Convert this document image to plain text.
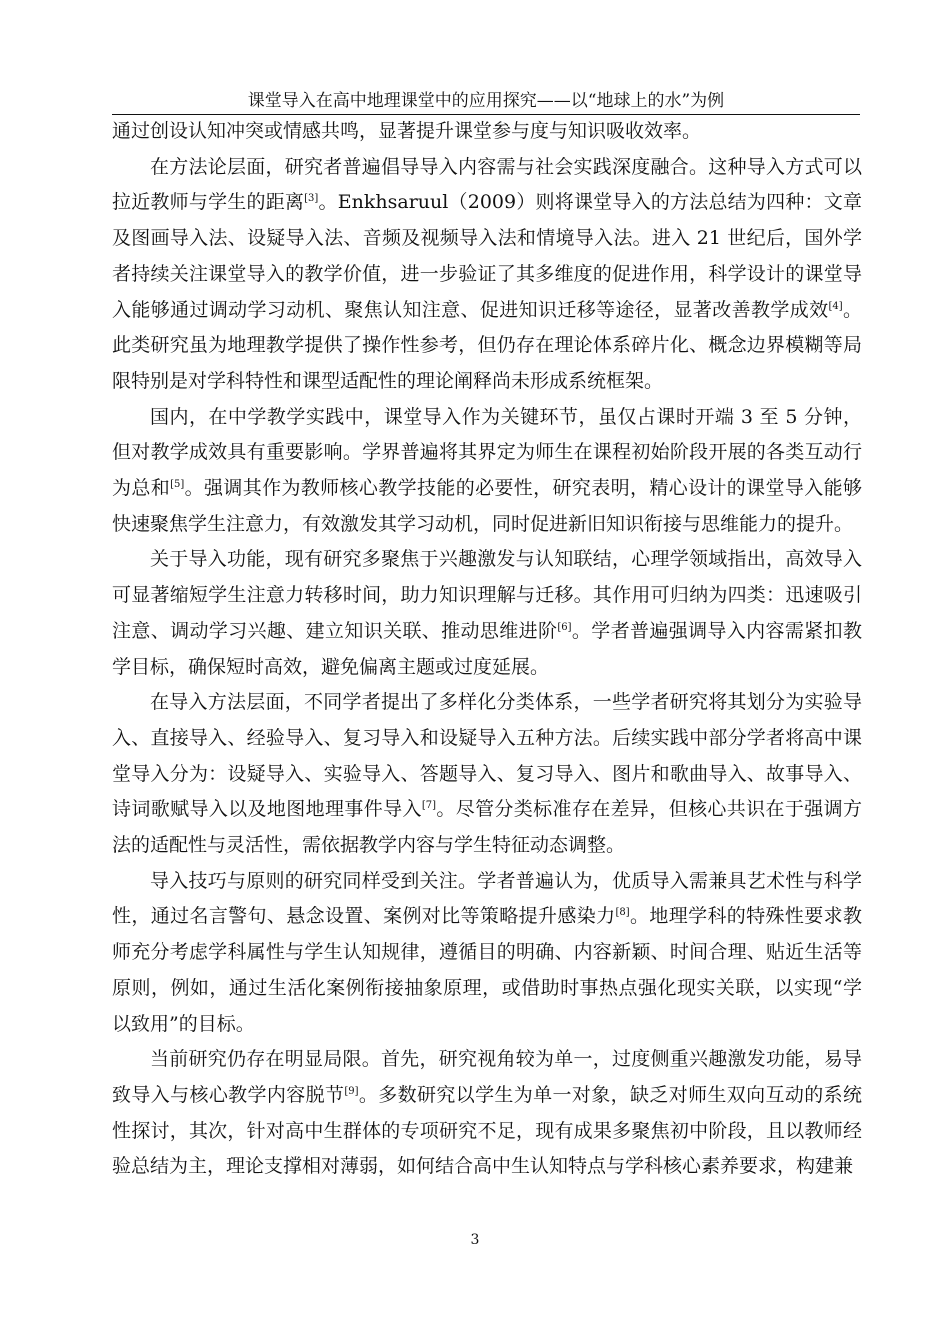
课堂导入在高中地理课堂中的应用探究——以“地球上的水”为例

通过创设认知冲突或情感共鸣，显著提升课堂参与度与知识吸收效率。

在方法论层面，研究者普遍倡导导入内容需与社会实践深度融合。这种导入方式可以拉近教师与学生的距离[3]。Enkhsaruul（2009）则将课堂导入的方法总结为四种：文章及图画导入法、设疑导入法、音频及视频导入法和情境导入法。进入 21 世纪后，国外学者持续关注课堂导入的教学价值，进一步验证了其多维度的促进作用，科学设计的课堂导入能够通过调动学习动机、聚焦认知注意、促进知识迁移等途径，显著改善教学成效[4]。此类研究虽为地理教学提供了操作性参考，但仍存在理论体系碎片化、概念边界模糊等局限特别是对学科特性和课型适配性的理论阐释尚未形成系统框架。

国内，在中学教学实践中，课堂导入作为关键环节，虽仅占课时开端 3 至 5 分钟，但对教学成效具有重要影响。学界普遍将其界定为师生在课程初始阶段开展的各类互动行为总和[5]。强调其作为教师核心教学技能的必要性，研究表明，精心设计的课堂导入能够快速聚焦学生注意力，有效激发其学习动机，同时促进新旧知识衔接与思维能力的提升。

关于导入功能，现有研究多聚焦于兴趣激发与认知联结，心理学领域指出，高效导入可显著缩短学生注意力转移时间，助力知识理解与迁移。其作用可归纳为四类：迅速吸引注意、调动学习兴趣、建立知识关联、推动思维进阶[6]。学者普遍强调导入内容需紧扣教学目标，确保短时高效，避免偏离主题或过度延展。

在导入方法层面，不同学者提出了多样化分类体系，一些学者研究将其划分为实验导入、直接导入、经验导入、复习导入和设疑导入五种方法。后续实践中部分学者将高中课堂导入分为：设疑导入、实验导入、答题导入、复习导入、图片和歌曲导入、故事导入、诗词歌赋导入以及地图地理事件导入[7]。尽管分类标准存在差异，但核心共识在于强调方法的适配性与灵活性，需依据教学内容与学生特征动态调整。

导入技巧与原则的研究同样受到关注。学者普遍认为，优质导入需兼具艺术性与科学性，通过名言警句、悬念设置、案例对比等策略提升感染力[8]。地理学科的特殊性要求教师充分考虑学科属性与学生认知规律，遵循目的明确、内容新颖、时间合理、贴近生活等原则，例如，通过生活化案例衔接抽象原理，或借助时事热点强化现实关联，以实现“学以致用”的目标。

当前研究仍存在明显局限。首先，研究视角较为单一，过度侧重兴趣激发功能，易导致导入与核心教学内容脱节[9]。多数研究以学生为单一对象，缺乏对师生双向互动的系统性探讨，其次，针对高中生群体的专项研究不足，现有成果多聚焦初中阶段，且以教师经验总结为主，理论支撑相对薄弱，如何结合高中生认知特点与学科核心素养要求，构建兼

3
